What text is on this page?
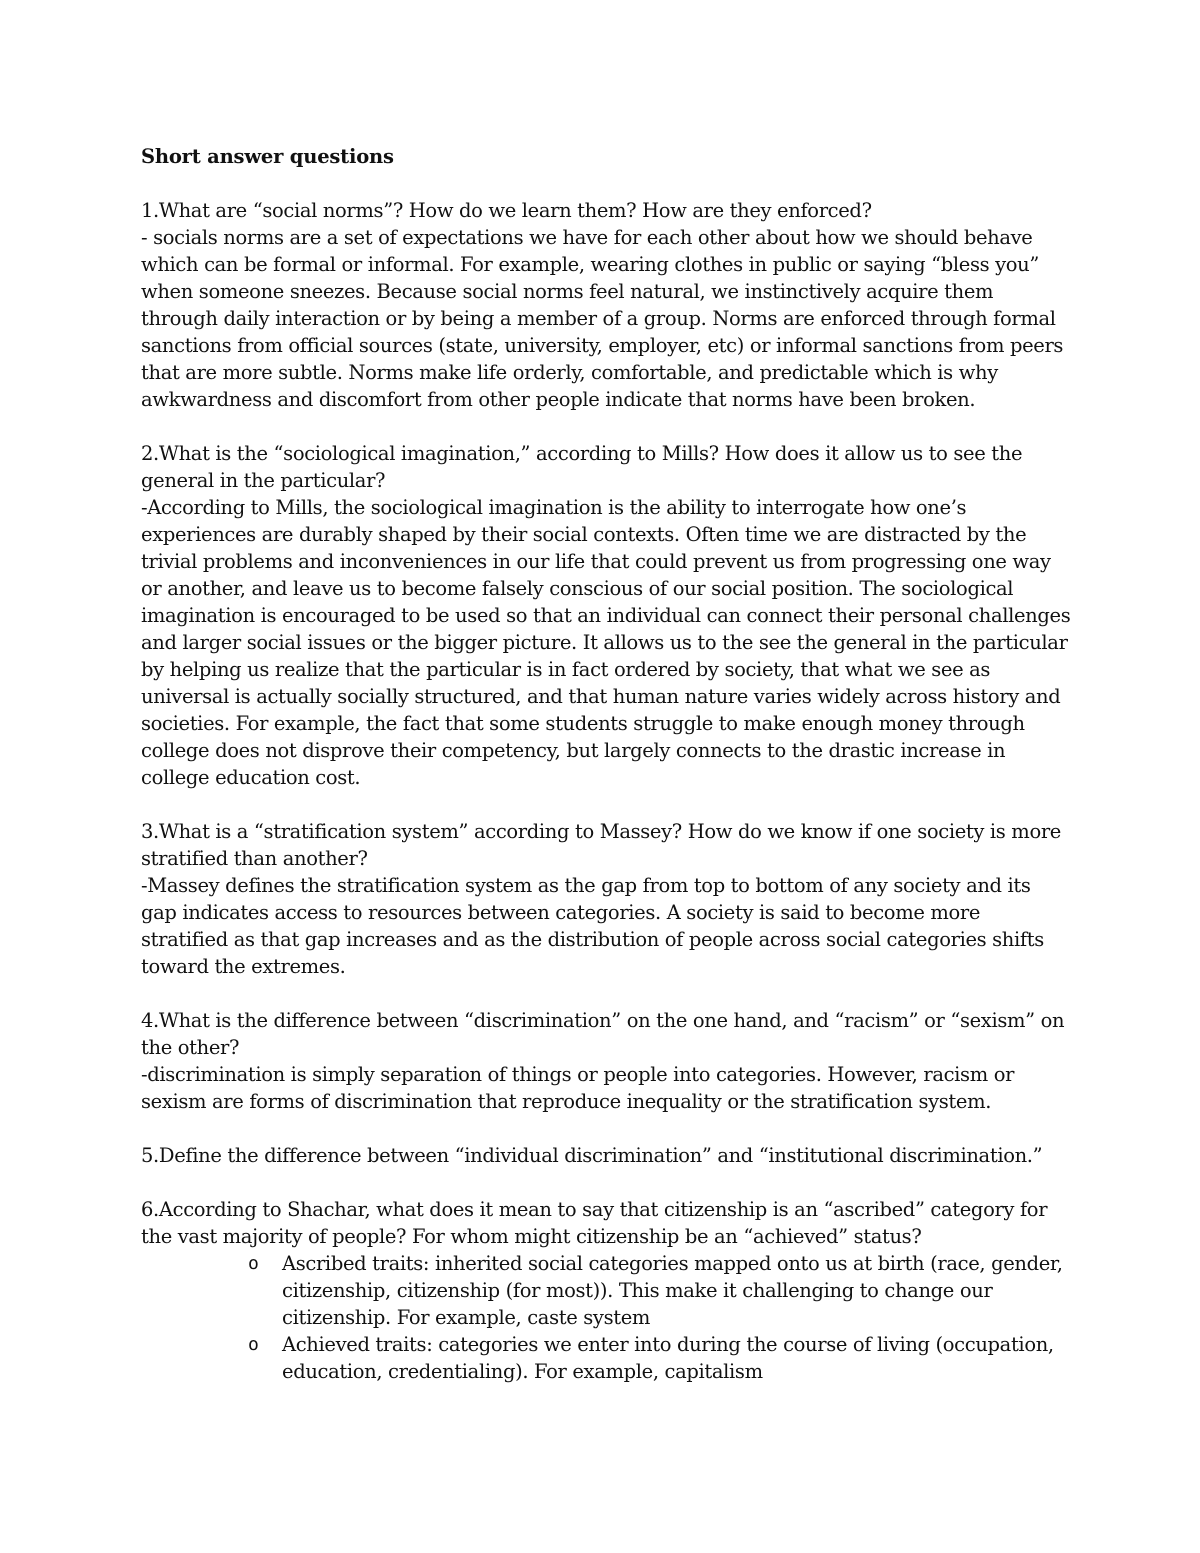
Short answer questions

1.What are “social norms”? How do we learn them? How are they enforced?

- socials norms are a set of expectations we have for each other about how we should behave which can be formal or informal. For example, wearing clothes in public or saying “bless you” when someone sneezes. Because social norms feel natural, we instinctively acquire them through daily interaction or by being a member of a group. Norms are enforced through formal sanctions from official sources (state, university, employer, etc) or informal sanctions from peers that are more subtle. Norms make life orderly, comfortable, and predictable which is why awkwardness and discomfort from other people indicate that norms have been broken.

2.What is the “sociological imagination,” according to Mills? How does it allow us to see the general in the particular?

-According to Mills, the sociological imagination is the ability to interrogate how one’s experiences are durably shaped by their social contexts. Often time we are distracted by the trivial problems and inconveniences in our life that could prevent us from progressing one way or another, and leave us to become falsely conscious of our social position. The sociological imagination is encouraged to be used so that an individual can connect their personal challenges and larger social issues or the bigger picture. It allows us to the see the general in the particular by helping us realize that the particular is in fact ordered by society, that what we see as universal is actually socially structured, and that human nature varies widely across history and societies. For example, the fact that some students struggle to make enough money through college does not disprove their competency, but largely connects to the drastic increase in college education cost.

3.What is a “stratification system” according to Massey? How do we know if one society is more stratified than another?

-Massey defines the stratification system as the gap from top to bottom of any society and its gap indicates access to resources between categories. A society is said to become more stratified as that gap increases and as the distribution of people across social categories shifts toward the extremes.

4.What is the difference between “discrimination” on the one hand, and “racism” or “sexism” on the other?

-discrimination is simply separation of things or people into categories. However, racism or sexism are forms of discrimination that reproduce inequality or the stratification system.

5.Define the difference between “individual discrimination” and “institutional discrimination.”

6.According to Shachar, what does it mean to say that citizenship is an “ascribed” category for the vast majority of people? For whom might citizenship be an “achieved” status?

o Ascribed traits: inherited social categories mapped onto us at birth (race, gender, citizenship, citizenship (for most)). This make it challenging to change our citizenship. For example, caste system
o Achieved traits: categories we enter into during the course of living (occupation, education, credentialing). For example, capitalism
